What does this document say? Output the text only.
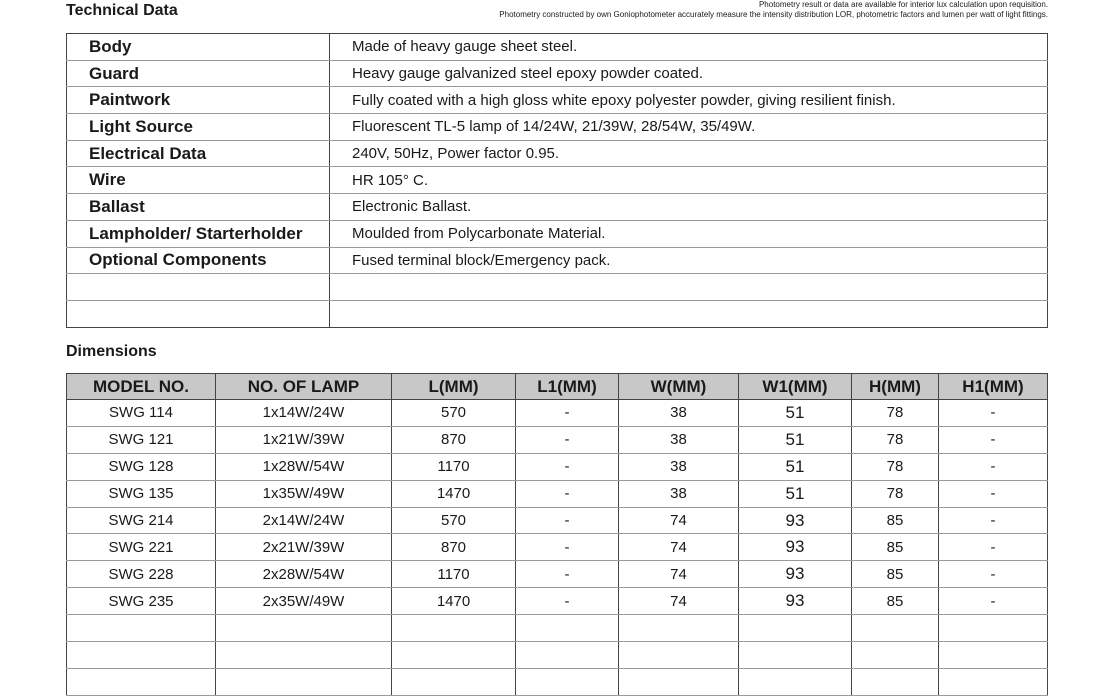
Technical Data	Photometry result or data are available for interior lux calculation upon requisition.
Photometry constructed by own Goniophotometer accurately measure the intensity distribution LOR, photometric factors and lumen per watt of light fittings.
Body	Made of heavy gauge sheet steel.
Guard	Heavy gauge galvanized steel epoxy powder coated.
Paintwork	Fully coated with a high gloss white epoxy polyester powder, giving resilient finish.
Light Source	Fluorescent TL-5 lamp of 14/24W, 21/39W, 28/54W, 35/49W.
Electrical Data	240V, 50Hz, Power factor 0.95.
Wire	HR 105° C.
Ballast	Electronic Ballast.
Lampholder/ Starterholder	Moulded from Polycarbonate Material.
Optional Components	Fused terminal block/Emergency pack.

Dimensions
MODEL NO.	NO. OF LAMP	L(MM)	L1(MM)	W(MM)	W1(MM)	H(MM)	H1(MM)
SWG 114	1x14W/24W	570	-	38	51	78	-
SWG 121	1x21W/39W	870	-	38	51	78	-
SWG 128	1x28W/54W	1170	-	38	51	78	-
SWG 135	1x35W/49W	1470	-	38	51	78	-
SWG 214	2x14W/24W	570	-	74	93	85	-
SWG 221	2x21W/39W	870	-	74	93	85	-
SWG 228	2x28W/54W	1170	-	74	93	85	-
SWG 235	2x35W/49W	1470	-	74	93	85	-
